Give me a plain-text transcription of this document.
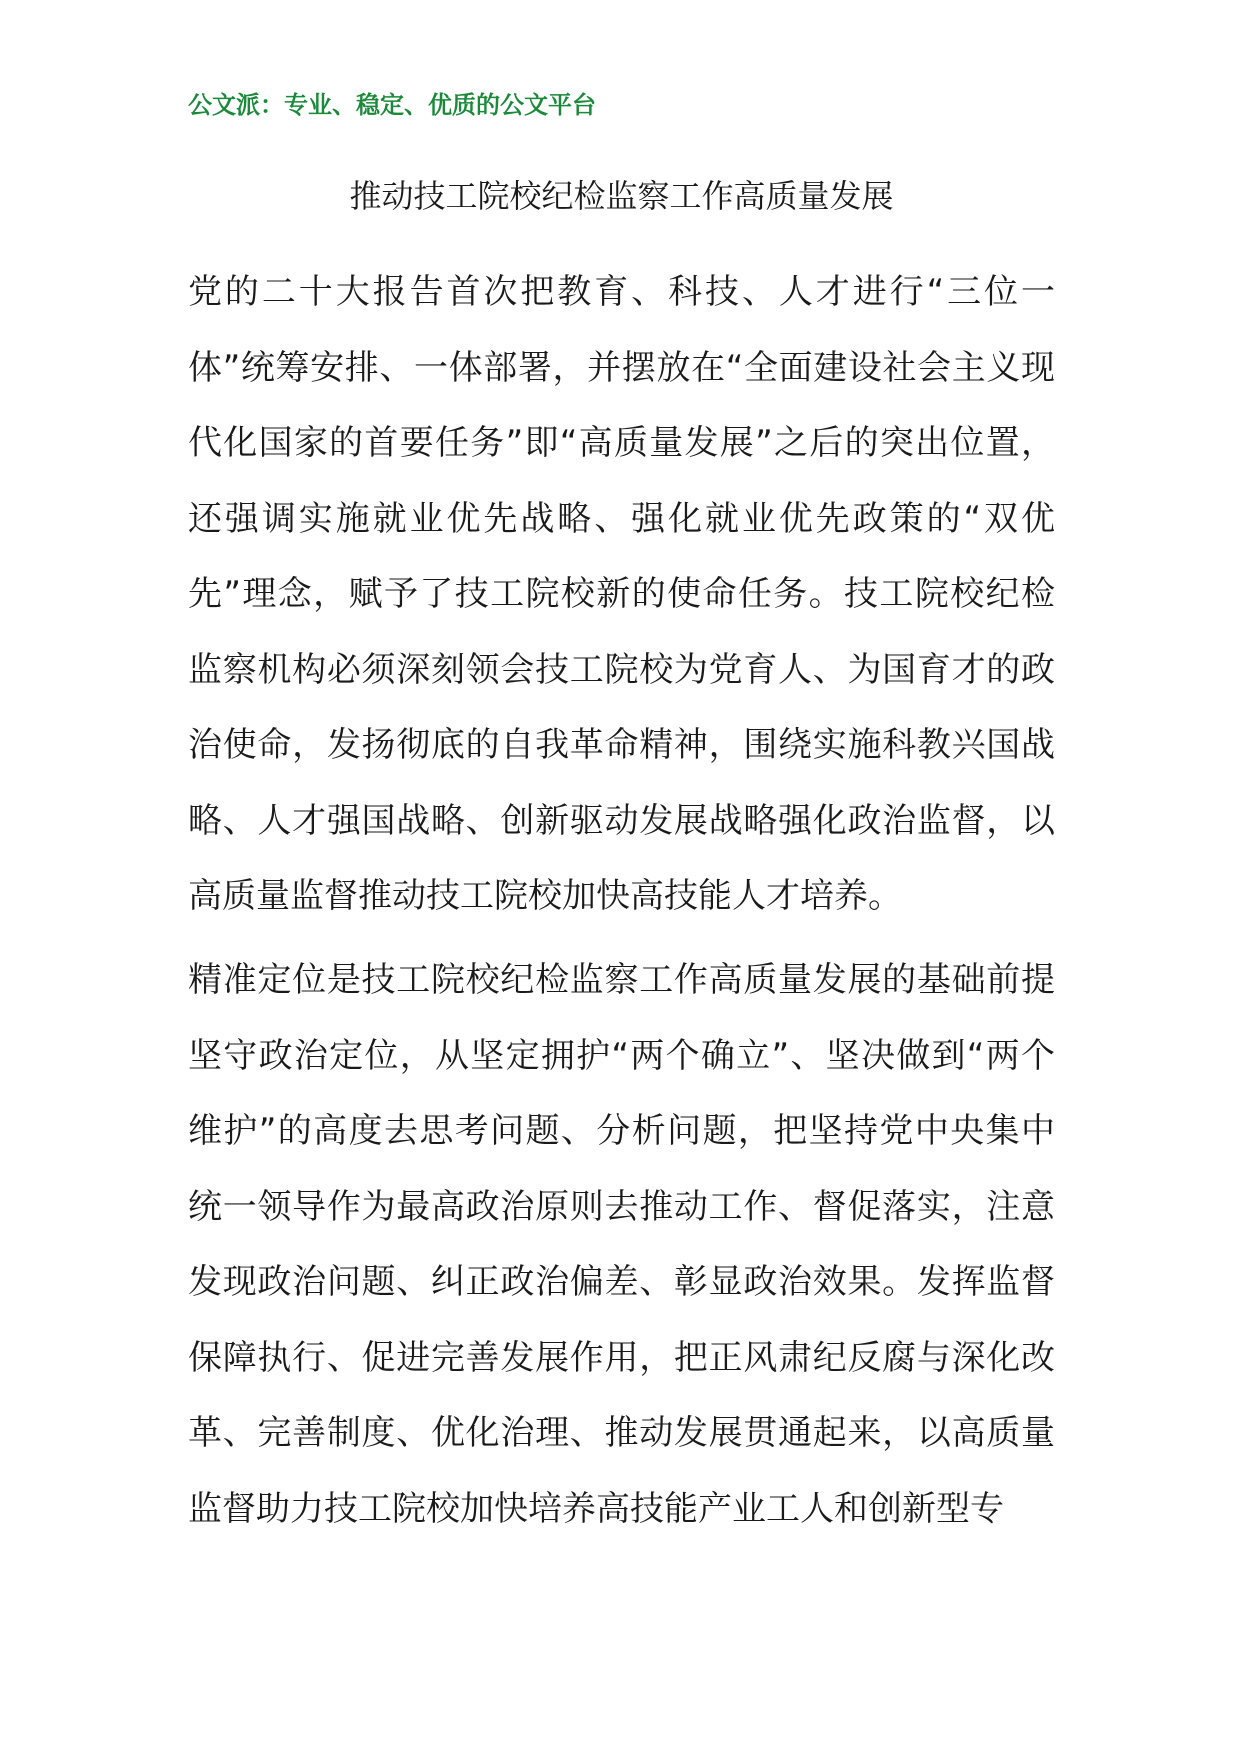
公文派：专业、稳定、优质的公文平台
推动技工院校纪检监察工作高质量发展

党的二十大报告首次把教育、科技、人才进行“三位一体”统筹安排、一体部署，并摆放在“全面建设社会主义现代化国家的首要任务”即“高质量发展”之后的突出位置，还强调实施就业优先战略、强化就业优先政策的“双优先”理念，赋予了技工院校新的使命任务。技工院校纪检监察机构必须深刻领会技工院校为党育人、为国育才的政治使命，发扬彻底的自我革命精神，围绕实施科教兴国战略、人才强国战略、创新驱动发展战略强化政治监督，以高质量监督推动技工院校加快高技能人才培养。

精准定位是技工院校纪检监察工作高质量发展的基础前提坚守政治定位，从坚定拥护“两个确立”、坚决做到“两个维护”的高度去思考问题、分析问题，把坚持党中央集中统一领导作为最高政治原则去推动工作、督促落实，注意发现政治问题、纠正政治偏差、彰显政治效果。发挥监督保障执行、促进完善发展作用，把正风肃纪反腐与深化改革、完善制度、优化治理、推动发展贯通起来，以高质量监督助力技工院校加快培养高技能产业工人和创新型专
